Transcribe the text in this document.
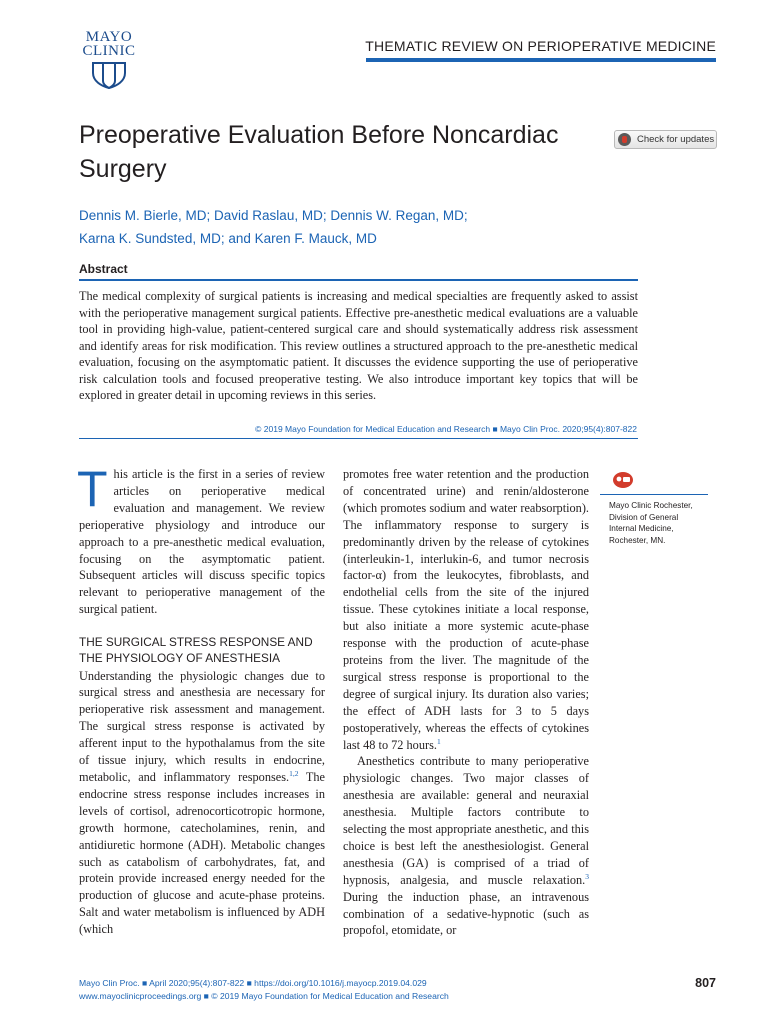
MAYO
CLINIC	THEMATIC REVIEW ON PERIOPERATIVE MEDICINE
Preoperative Evaluation Before Noncardiac Surgery
Check for updates
Dennis M. Bierle, MD; David Raslau, MD; Dennis W. Regan, MD;
Karna K. Sundsted, MD; and Karen F. Mauck, MD
Abstract
The medical complexity of surgical patients is increasing and medical specialties are frequently asked to assist with the perioperative management surgical patients. Effective pre-anesthetic medical evaluations are a valuable tool in providing high-value, patient-centered surgical care and should systematically address risk assessment and identify areas for risk modification. This review outlines a structured approach to the pre-anesthetic medical evaluation, focusing on the asymptomatic patient. It discusses the evidence supporting the use of perioperative risk calculation tools and focused preoperative testing. We also introduce important key topics that will be explored in greater detail in upcoming reviews in this series.
© 2019 Mayo Foundation for Medical Education and Research ■ Mayo Clin Proc. 2020;95(4):807-822

This article is the first in a series of review articles on perioperative medical evaluation and management. We review perioperative physiology and introduce our approach to a pre-anesthetic medical evaluation, focusing on the asymptomatic patient. Subsequent articles will discuss specific topics relevant to perioperative management of the surgical patient.

THE SURGICAL STRESS RESPONSE AND
THE PHYSIOLOGY OF ANESTHESIA

Understanding the physiologic changes due to surgical stress and anesthesia are necessary for perioperative risk assessment and management. The surgical stress response is activated by afferent input to the hypothalamus from the site of tissue injury, which results in endocrine, metabolic, and inflammatory responses.$^{1,2}$ The endocrine stress response includes increases in levels of cortisol, adrenocorticotropic hormone, growth hormone, catecholamines, renin, and antidiuretic hormone (ADH). Metabolic changes such as catabolism of carbohydrates, fat, and protein provide increased energy needed for the production of glucose and acute-phase proteins. Salt and water metabolism is influenced by ADH (which

promotes free water retention and the production of concentrated urine) and renin/aldosterone (which promotes sodium and water reabsorption). The inflammatory response to surgery is predominantly driven by the release of cytokines (interleukin-1, interlukin-6, and tumor necrosis factor-α) from the leukocytes, fibroblasts, and endothelial cells from the site of the injured tissue. These cytokines initiate a local response, but also initiate a more systemic acute-phase response with the production of acute-phase proteins from the liver. The magnitude of the surgical stress response is proportional to the degree of surgical injury. Its duration also varies; the effect of ADH lasts for 3 to 5 days postoperatively, whereas the effects of cytokines last 48 to 72 hours.$^1$

Anesthetics contribute to many perioperative physiologic changes. Two major classes of anesthesia are available: general and neuraxial anesthesia. Multiple factors contribute to selecting the most appropriate anesthetic, and this choice is best left the anesthesiologist. General anesthesia (GA) is comprised of a triad of hypnosis, analgesia, and muscle relaxation.$^3$ During the induction phase, an intravenous combination of a sedative-hypnotic (such as propofol, etomidate, or

Mayo Clinic Rochester, Division of General Internal Medicine, Rochester, MN.
Mayo Clin Proc. ■ April 2020;95(4):807-822 ■ https://doi.org/10.1016/j.mayocp.2019.04.029
www.mayoclinicproceedings.org ■ © 2019 Mayo Foundation for Medical Education and Research
807
